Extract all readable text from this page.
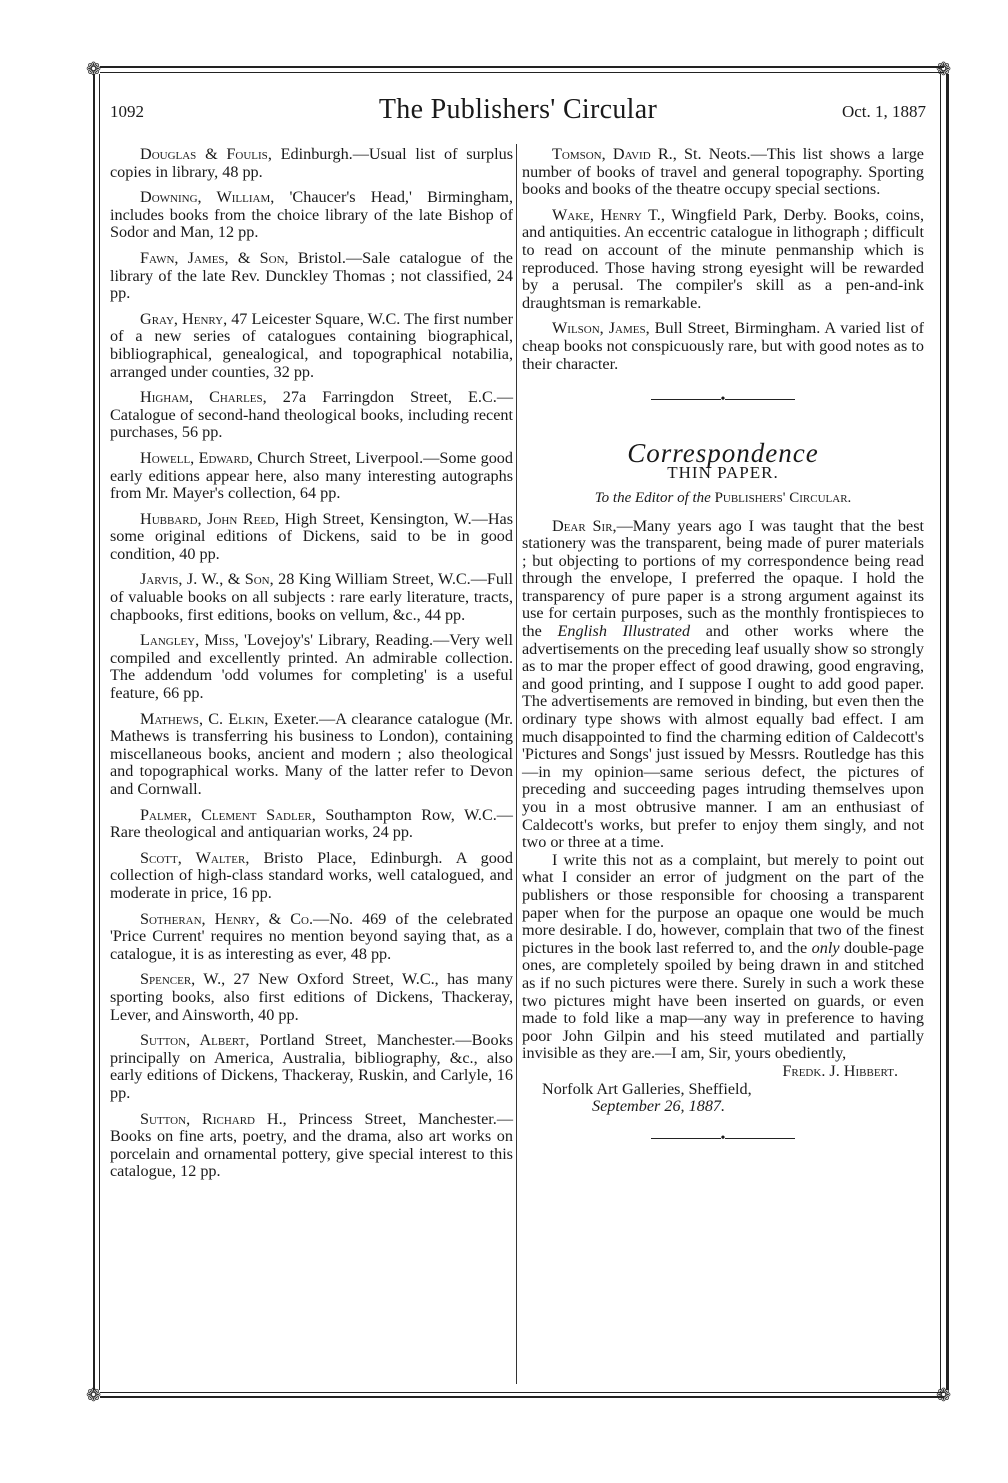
❁	❁
❁	❁
1092	The Publishers' Circular	Oct. 1, 1887

Douglas & Foulis, Edinburgh.—Usual list of surplus copies in library, 48 pp.

Downing, William, 'Chaucer's Head,' Birmingham, includes books from the choice library of the late Bishop of Sodor and Man, 12 pp.

Fawn, James, & Son, Bristol.—Sale catalogue of the library of the late Rev. Dunckley Thomas ; not classified, 24 pp.

Gray, Henry, 47 Leicester Square, W.C. The first number of a new series of catalogues containing biographical, bibliographical, genealogical, and topographical notabilia, arranged under counties, 32 pp.

Higham, Charles, 27a Farringdon Street, E.C.—Catalogue of second-hand theological books, including recent purchases, 56 pp.

Howell, Edward, Church Street, Liverpool.—Some good early editions appear here, also many interesting autographs from Mr. Mayer's collection, 64 pp.

Hubbard, John Reed, High Street, Kensington, W.—Has some original editions of Dickens, said to be in good condition, 40 pp.

Jarvis, J. W., & Son, 28 King William Street, W.C.—Full of valuable books on all subjects : rare early literature, tracts, chapbooks, first editions, books on vellum, &c., 44 pp.

Langley, Miss, 'Lovejoy's' Library, Reading.—Very well compiled and excellently printed. An admirable collection. The addendum 'odd volumes for completing' is a useful feature, 66 pp.

Mathews, C. Elkin, Exeter.—A clearance catalogue (Mr. Mathews is transferring his business to London), containing miscellaneous books, ancient and modern ; also theological and topographical works. Many of the latter refer to Devon and Cornwall.

Palmer, Clement Sadler, Southampton Row, W.C.—Rare theological and antiquarian works, 24 pp.

Scott, Walter, Bristo Place, Edinburgh. A good collection of high-class standard works, well catalogued, and moderate in price, 16 pp.

Sotheran, Henry, & Co.—No. 469 of the celebrated 'Price Current' requires no mention beyond saying that, as a catalogue, it is as interesting as ever, 48 pp.

Spencer, W., 27 New Oxford Street, W.C., has many sporting books, also first editions of Dickens, Thackeray, Lever, and Ainsworth, 40 pp.

Sutton, Albert, Portland Street, Manchester.—Books principally on America, Australia, bibliography, &c., also early editions of Dickens, Thackeray, Ruskin, and Carlyle, 16 pp.

Sutton, Richard H., Princess Street, Manchester.—Books on fine arts, poetry, and the drama, also art works on porcelain and ornamental pottery, give special interest to this catalogue, 12 pp.

Tomson, David R., St. Neots.—This list shows a large number of books of travel and general topography. Sporting books and books of the theatre occupy special sections.

Wake, Henry T., Wingfield Park, Derby. Books, coins, and antiquities. An eccentric catalogue in lithograph ; difficult to read on account of the minute penmanship which is reproduced. Those having strong eyesight will be rewarded by a perusal. The compiler's skill as a pen-and-ink draughtsman is remarkable.

Wilson, James, Bull Street, Birmingham. A varied list of cheap books not conspicuously rare, but with good notes as to their character.

•
Correspondence
THIN PAPER.
To the Editor of the Publishers' Circular.

Dear Sir,—Many years ago I was taught that the best stationery was the transparent, being made of purer materials ; but objecting to portions of my correspondence being read through the envelope, I preferred the opaque. I hold the transparency of pure paper is a strong argument against its use for certain purposes, such as the monthly frontispieces to the English Illustrated and other works where the advertisements on the preceding leaf usually show so strongly as to mar the proper effect of good drawing, good engraving, and good printing, and I suppose I ought to add good paper. The advertisements are removed in binding, but even then the ordinary type shows with almost equally bad effect. I am much disappointed to find the charming edition of Caldecott's 'Pictures and Songs' just issued by Messrs. Routledge has this—in my opinion—same serious defect, the pictures of preceding and succeeding pages intruding themselves upon you in a most obtrusive manner. I am an enthusiast of Caldecott's works, but prefer to enjoy them singly, and not two or three at a time.

I write this not as a complaint, but merely to point out what I consider an error of judgment on the part of the publishers or those responsible for choosing a transparent paper when for the purpose an opaque one would be much more desirable. I do, however, complain that two of the finest pictures in the book last referred to, and the only double-page ones, are completely spoiled by being drawn in and stitched as if no such pictures were there. Surely in such a work these two pictures might have been inserted on guards, or even made to fold like a map—any way in preference to having poor John Gilpin and his steed mutilated and partially invisible as they are.—I am, Sir, yours obediently,

Fredk. J. Hibbert.
Norfolk Art Galleries, Sheffield,
September 26, 1887.
•
